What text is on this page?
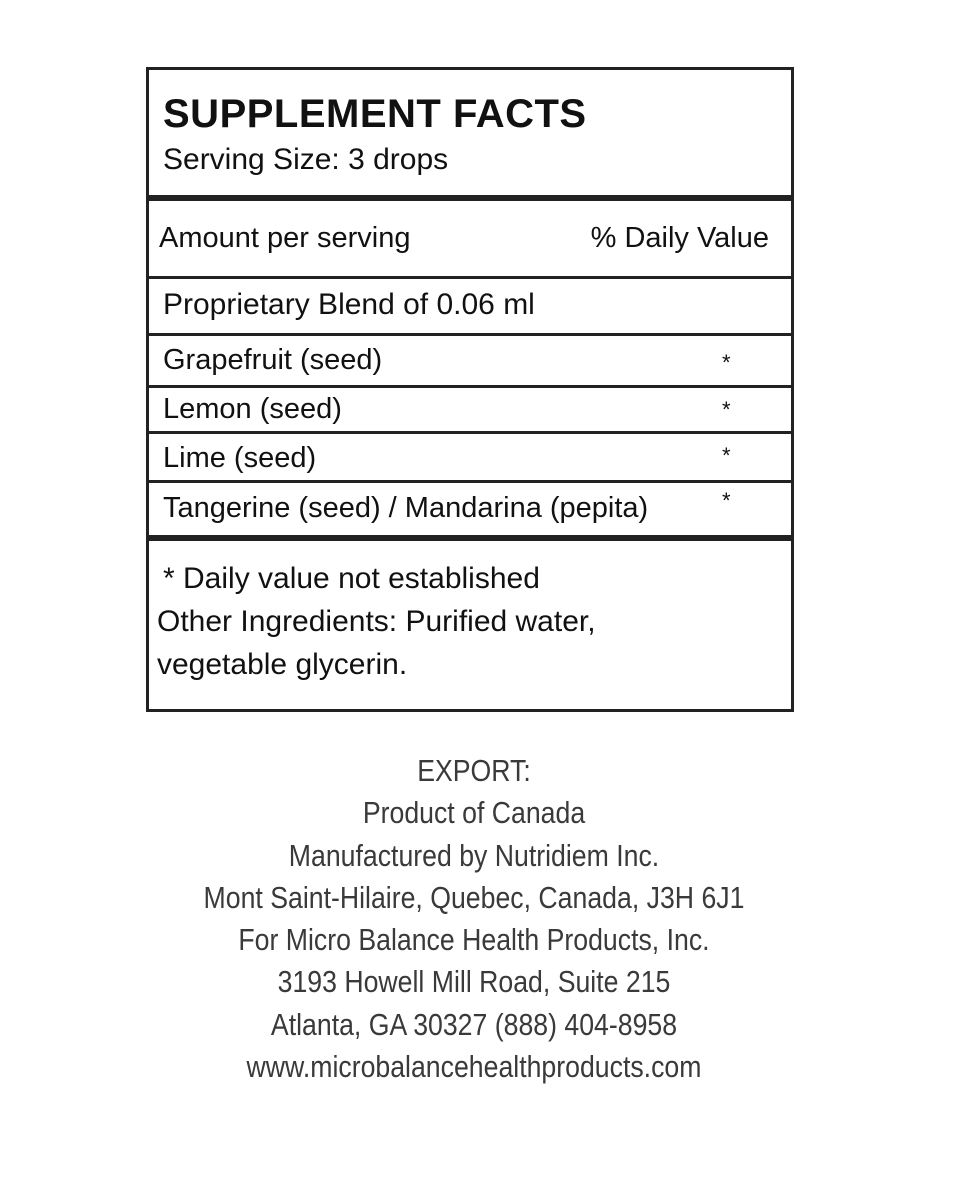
SUPPLEMENT FACTS
Serving Size: 3 drops
Amount per serving	% Daily Value
Proprietary Blend of 0.06 ml
Grapefruit (seed)	*
Lemon (seed)	*
Lime (seed)	*
Tangerine (seed) / Mandarina (pepita)	*
* Daily value not established
Other Ingredients: Purified water,
vegetable glycerin.
EXPORT:
Product of Canada
Manufactured by Nutridiem Inc.
Mont Saint-Hilaire, Quebec, Canada, J3H 6J1
For Micro Balance Health Products, Inc.
3193 Howell Mill Road, Suite 215
Atlanta, GA 30327 (888) 404-8958
www.microbalancehealthproducts.com
